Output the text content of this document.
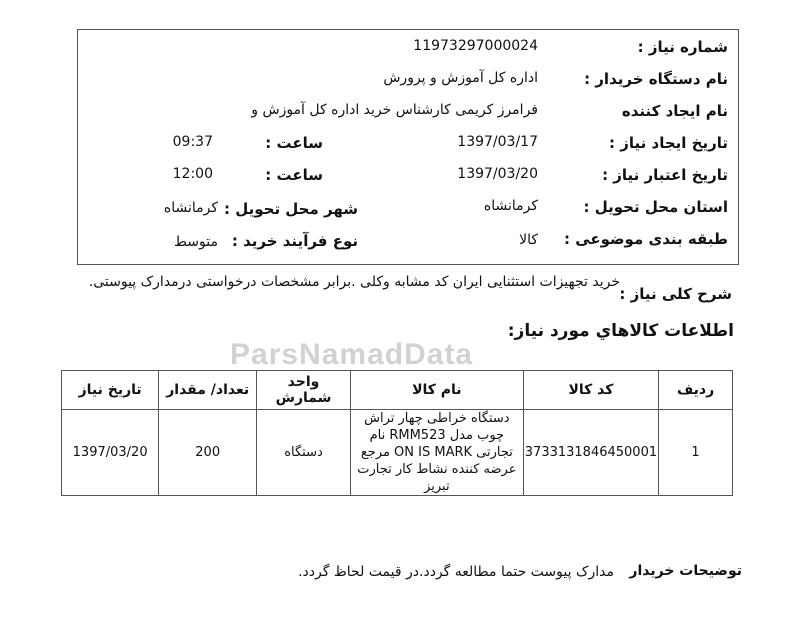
ParsNamadData
شماره نیاز :
11973297000024
نام دستگاه خریدار :
اداره کل آموزش و پرورش
نام ایجاد کننده
فرامرز کریمی کارشناس خرید اداره کل آموزش و
تاریخ ایجاد نیاز :
1397/03/17
ساعت :
09:37
تاریخ اعتبار نیاز :
1397/03/20
ساعت :
12:00
استان محل تحویل :
کرمانشاه
شهر محل تحویل :
کرمانشاه
طبقه بندی موضوعی :
کالا
نوع فرآیند خرید :
متوسط
شرح کلی نیاز :
خرید تجهیزات استثنایی ایران کد مشابه وکلی .برابر مشخصات درخواستی درمدارک پیوستی.
اطلاعات کالاهاي مورد نياز:
ردیف	کد کالا	نام کالا	واحد شمارش	تعداد/ مقدار	تاریخ نیاز
1	3733131846450001	دستگاه خراطی چهار تراش چوب مدل RMM523 نام تجارتی ON IS MARK مرجع عرضه کننده نشاط کار تجارت تبریز	دستگاه	200	1397/03/20
توضیحات خریدار
مدارک پیوست حتما مطالعه گردد.در قیمت لحاظ گردد.
